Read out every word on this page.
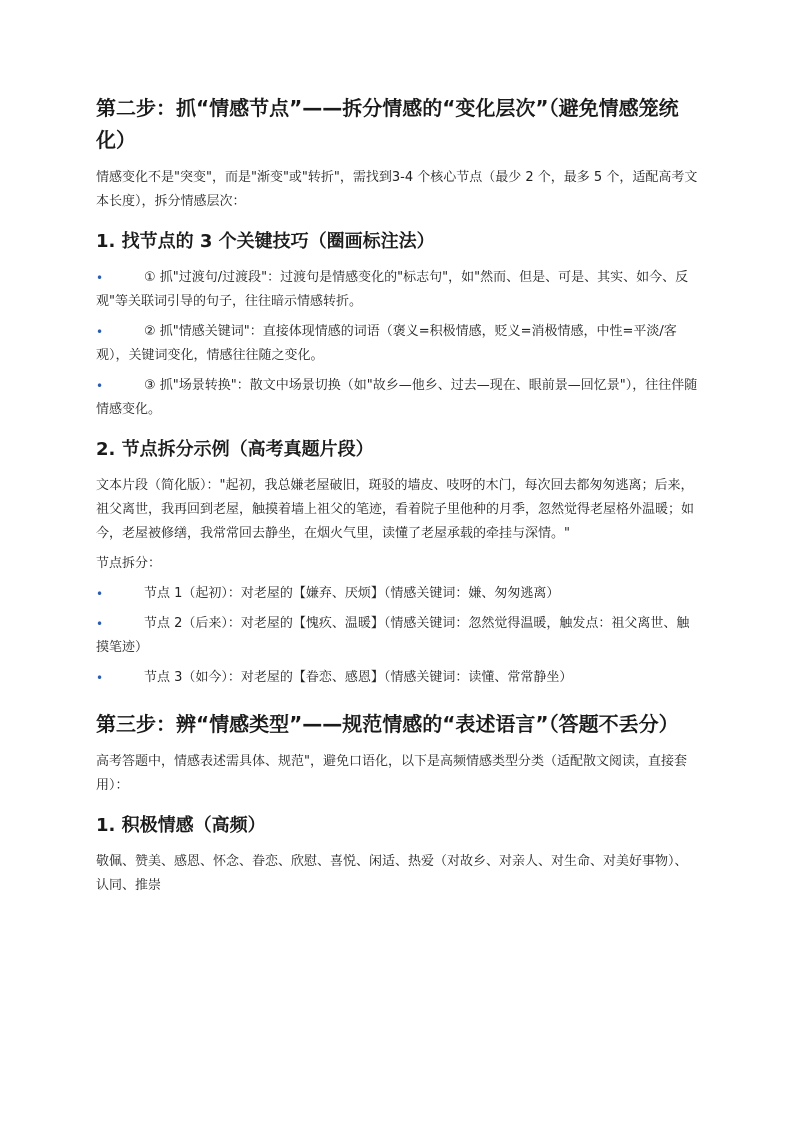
第二步：抓“情感节点”——拆分情感的“变化层次”（避免情感笼统化）

情感变化不是"突变"，而是"渐变"或"转折"，需找到3-4 个核心节点（最少 2 个，最多 5 个，适配高考文本长度），拆分情感层次：

1. 找节点的 3 个关键技巧（圈画标注法）
•	① 抓"过渡句/过渡段"：过渡句是情感变化的"标志句"，如"然而、但是、可是、其实、如今、反观"等关联词引导的句子，往往暗示情感转折。
•	② 抓"情感关键词"：直接体现情感的词语（褒义=积极情感，贬义=消极情感，中性=平淡/客观），关键词变化，情感往往随之变化。
•	③ 抓"场景转换"：散文中场景切换（如"故乡—他乡、过去—现在、眼前景—回忆景"），往往伴随情感变化。
2. 节点拆分示例（高考真题片段）

文本片段（简化版）："起初，我总嫌老屋破旧，斑驳的墙皮、吱呀的木门，每次回去都匆匆逃离；后来，祖父离世，我再回到老屋，触摸着墙上祖父的笔迹，看着院子里他种的月季，忽然觉得老屋格外温暖；如今，老屋被修缮，我常常回去静坐，在烟火气里，读懂了老屋承载的牵挂与深情。"

节点拆分：

•	节点 1（起初）：对老屋的【嫌弃、厌烦】（情感关键词：嫌、匆匆逃离）
•	节点 2（后来）：对老屋的【愧疚、温暖】（情感关键词：忽然觉得温暖，触发点：祖父离世、触摸笔迹）
•	节点 3（如今）：对老屋的【眷恋、感恩】（情感关键词：读懂、常常静坐）
第三步：辨“情感类型”——规范情感的“表述语言”（答题不丢分）

高考答题中，情感表述需具体、规范"，避免口语化，以下是高频情感类型分类（适配散文阅读，直接套用）：

1. 积极情感（高频）

敬佩、赞美、感恩、怀念、眷恋、欣慰、喜悦、闲适、热爱（对故乡、对亲人、对生命、对美好事物）、认同、推崇
